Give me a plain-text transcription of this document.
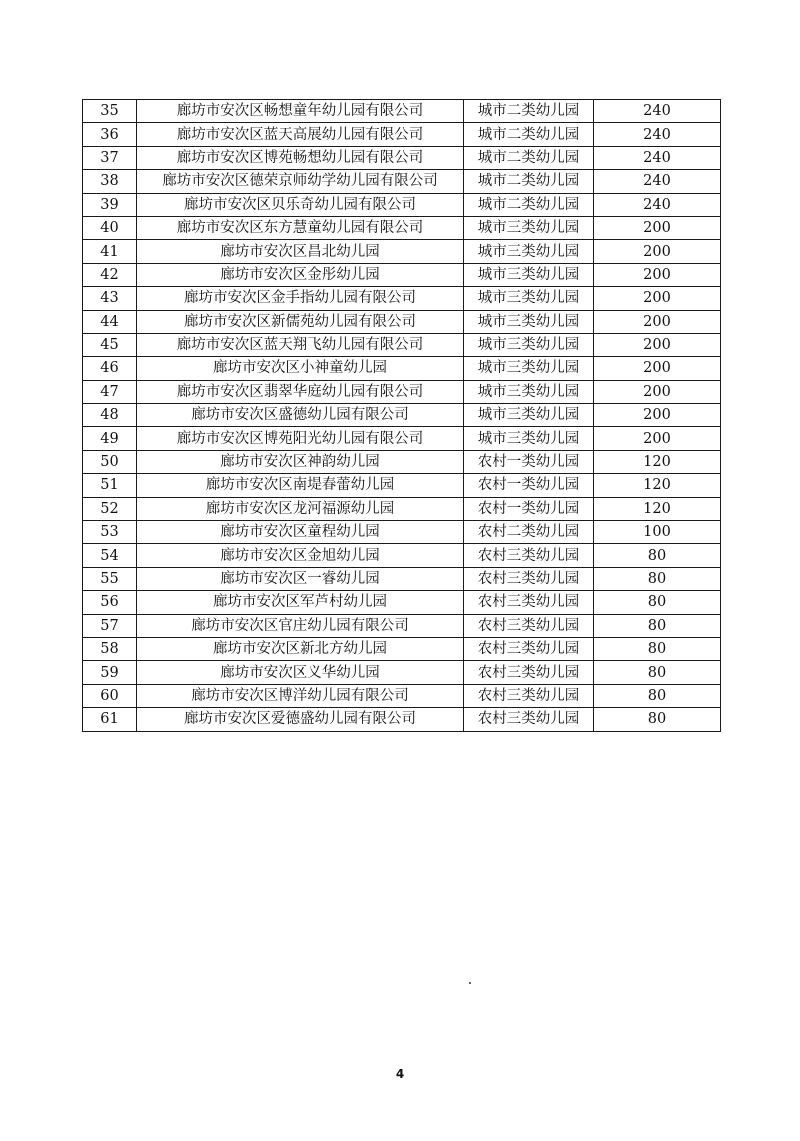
35	廊坊市安次区畅想童年幼儿园有限公司	城市二类幼儿园	240
36	廊坊市安次区蓝天高展幼儿园有限公司	城市二类幼儿园	240
37	廊坊市安次区博苑畅想幼儿园有限公司	城市二类幼儿园	240
38	廊坊市安次区德荣京师幼学幼儿园有限公司	城市二类幼儿园	240
39	廊坊市安次区贝乐奇幼儿园有限公司	城市二类幼儿园	240
40	廊坊市安次区东方慧童幼儿园有限公司	城市三类幼儿园	200
41	廊坊市安次区昌北幼儿园	城市三类幼儿园	200
42	廊坊市安次区金彤幼儿园	城市三类幼儿园	200
43	廊坊市安次区金手指幼儿园有限公司	城市三类幼儿园	200
44	廊坊市安次区新儒苑幼儿园有限公司	城市三类幼儿园	200
45	廊坊市安次区蓝天翔飞幼儿园有限公司	城市三类幼儿园	200
46	廊坊市安次区小神童幼儿园	城市三类幼儿园	200
47	廊坊市安次区翡翠华庭幼儿园有限公司	城市三类幼儿园	200
48	廊坊市安次区盛德幼儿园有限公司	城市三类幼儿园	200
49	廊坊市安次区博苑阳光幼儿园有限公司	城市三类幼儿园	200
50	廊坊市安次区神韵幼儿园	农村一类幼儿园	120
51	廊坊市安次区南堤春蕾幼儿园	农村一类幼儿园	120
52	廊坊市安次区龙河福源幼儿园	农村一类幼儿园	120
53	廊坊市安次区童程幼儿园	农村二类幼儿园	100
54	廊坊市安次区金旭幼儿园	农村三类幼儿园	80
55	廊坊市安次区一睿幼儿园	农村三类幼儿园	80
56	廊坊市安次区军芦村幼儿园	农村三类幼儿园	80
57	廊坊市安次区官庄幼儿园有限公司	农村三类幼儿园	80
58	廊坊市安次区新北方幼儿园	农村三类幼儿园	80
59	廊坊市安次区义华幼儿园	农村三类幼儿园	80
60	廊坊市安次区博洋幼儿园有限公司	农村三类幼儿园	80
61	廊坊市安次区爱德盛幼儿园有限公司	农村三类幼儿园	80
4
